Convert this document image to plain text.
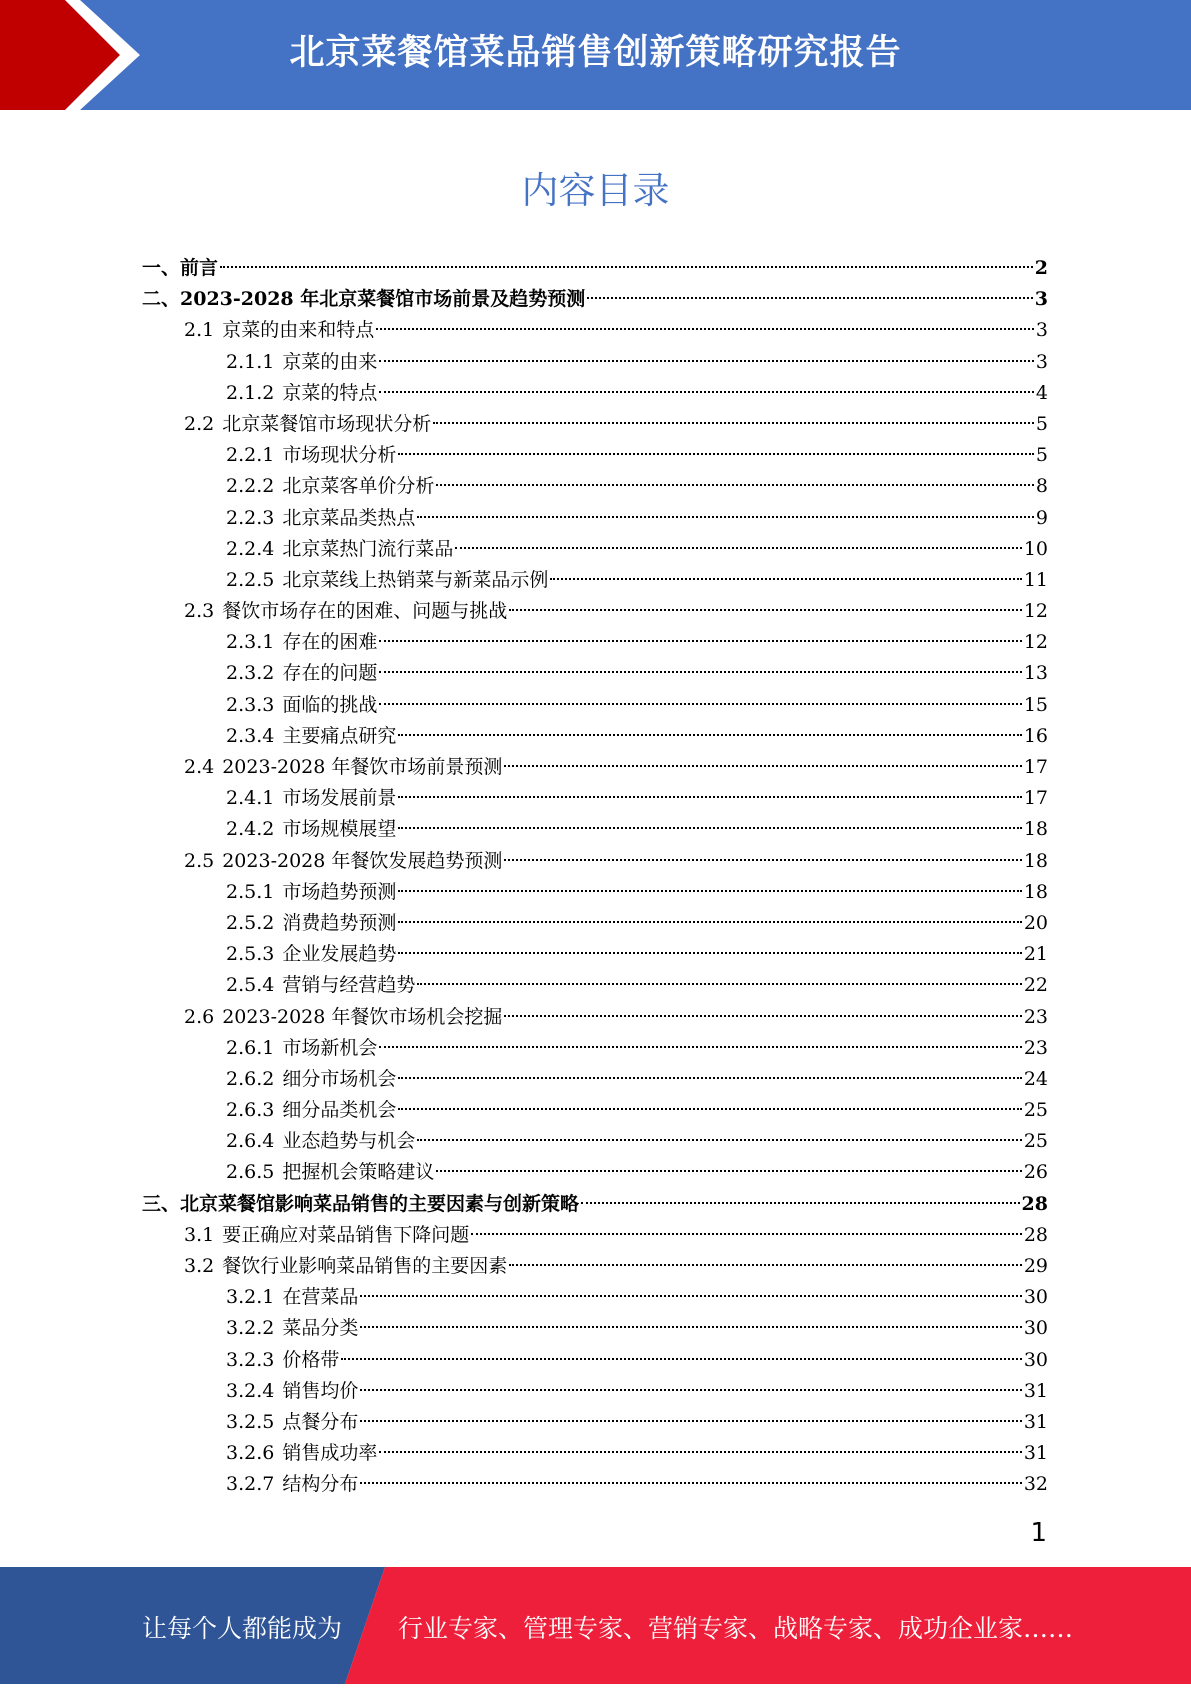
北京菜餐馆菜品销售创新策略研究报告
内容目录
一、前言	2
二、2023-2028 年北京菜餐馆市场前景及趋势预测	3
2.1 京菜的由来和特点	3
2.1.1 京菜的由来	3
2.1.2 京菜的特点	4
2.2 北京菜餐馆市场现状分析	5
2.2.1 市场现状分析	5
2.2.2 北京菜客单价分析	8
2.2.3 北京菜品类热点	9
2.2.4 北京菜热门流行菜品	10
2.2.5 北京菜线上热销菜与新菜品示例	11
2.3 餐饮市场存在的困难、问题与挑战	12
2.3.1 存在的困难	12
2.3.2 存在的问题	13
2.3.3 面临的挑战	15
2.3.4 主要痛点研究	16
2.4 2023-2028 年餐饮市场前景预测	17
2.4.1 市场发展前景	17
2.4.2 市场规模展望	18
2.5 2023-2028 年餐饮发展趋势预测	18
2.5.1 市场趋势预测	18
2.5.2 消费趋势预测	20
2.5.3 企业发展趋势	21
2.5.4 营销与经营趋势	22
2.6 2023-2028 年餐饮市场机会挖掘	23
2.6.1 市场新机会	23
2.6.2 细分市场机会	24
2.6.3 细分品类机会	25
2.6.4 业态趋势与机会	25
2.6.5 把握机会策略建议	26
三、北京菜餐馆影响菜品销售的主要因素与创新策略	28
3.1 要正确应对菜品销售下降问题	28
3.2 餐饮行业影响菜品销售的主要因素	29
3.2.1 在营菜品	30
3.2.2 菜品分类	30
3.2.3 价格带	30
3.2.4 销售均价	31
3.2.5 点餐分布	31
3.2.6 销售成功率	31
3.2.7 结构分布	32
1
让每个人都能成为 行业专家、管理专家、营销专家、战略专家、成功企业家……
